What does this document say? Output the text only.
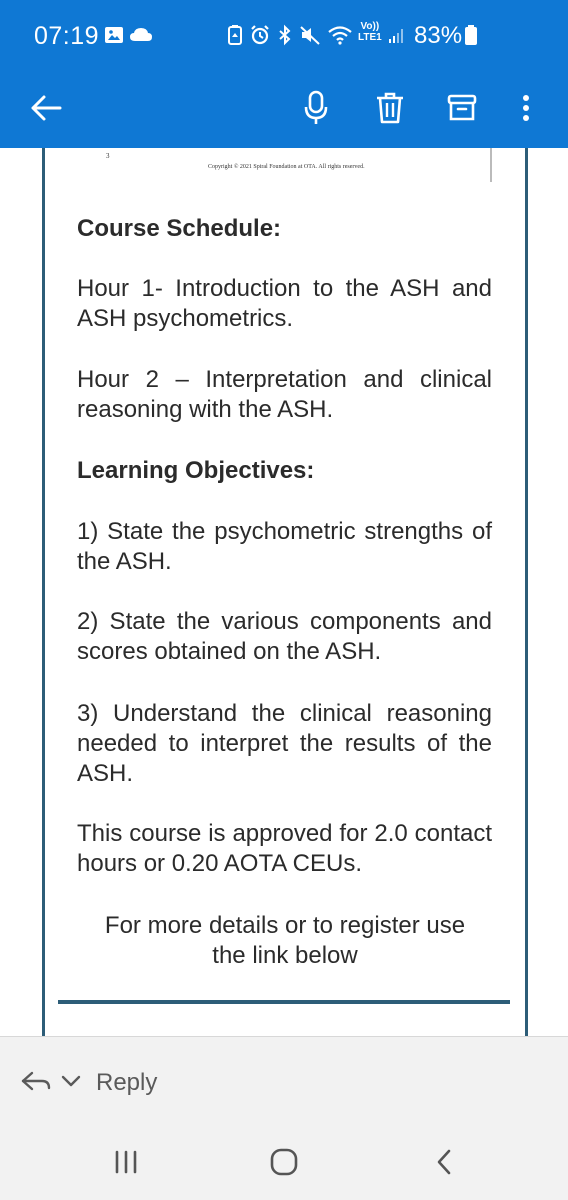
07:19	Vo))
LTE1 83%
3
Copyright © 2021 Spiral Foundation at OTA. All rights reserved.
Course Schedule:
Hour 1- Introduction to the ASH and ASH psychometrics.
Hour 2 – Interpretation and clinical reasoning with the ASH.
Learning Objectives:
1) State the psychometric strengths of the ASH.
2) State the various components and scores obtained on the ASH.
3) Understand the clinical reasoning needed to interpret the results of the ASH.
This course is approved for 2.0 contact hours or 0.20 AOTA CEUs.
For more details or to register use the link below
Reply
